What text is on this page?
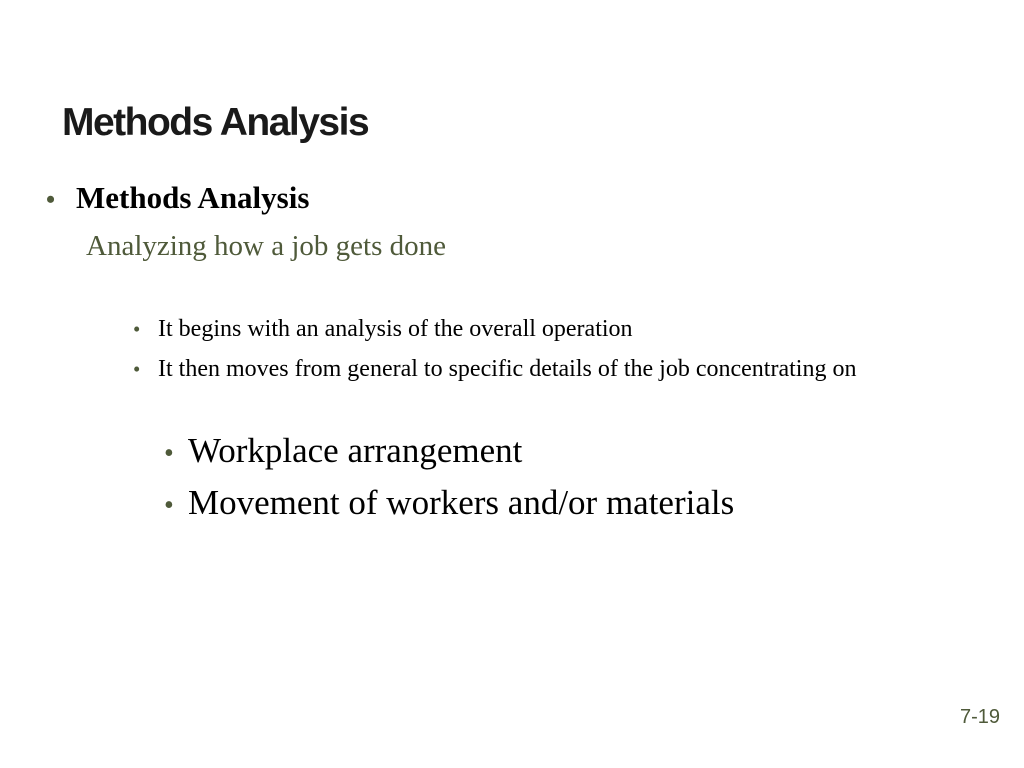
Methods Analysis
• Methods Analysis
Analyzing how a job gets done
• It begins with an analysis of the overall operation
• It then moves from general to specific details of the job concentrating on
• Workplace arrangement
• Movement of workers and/or materials
7-19
